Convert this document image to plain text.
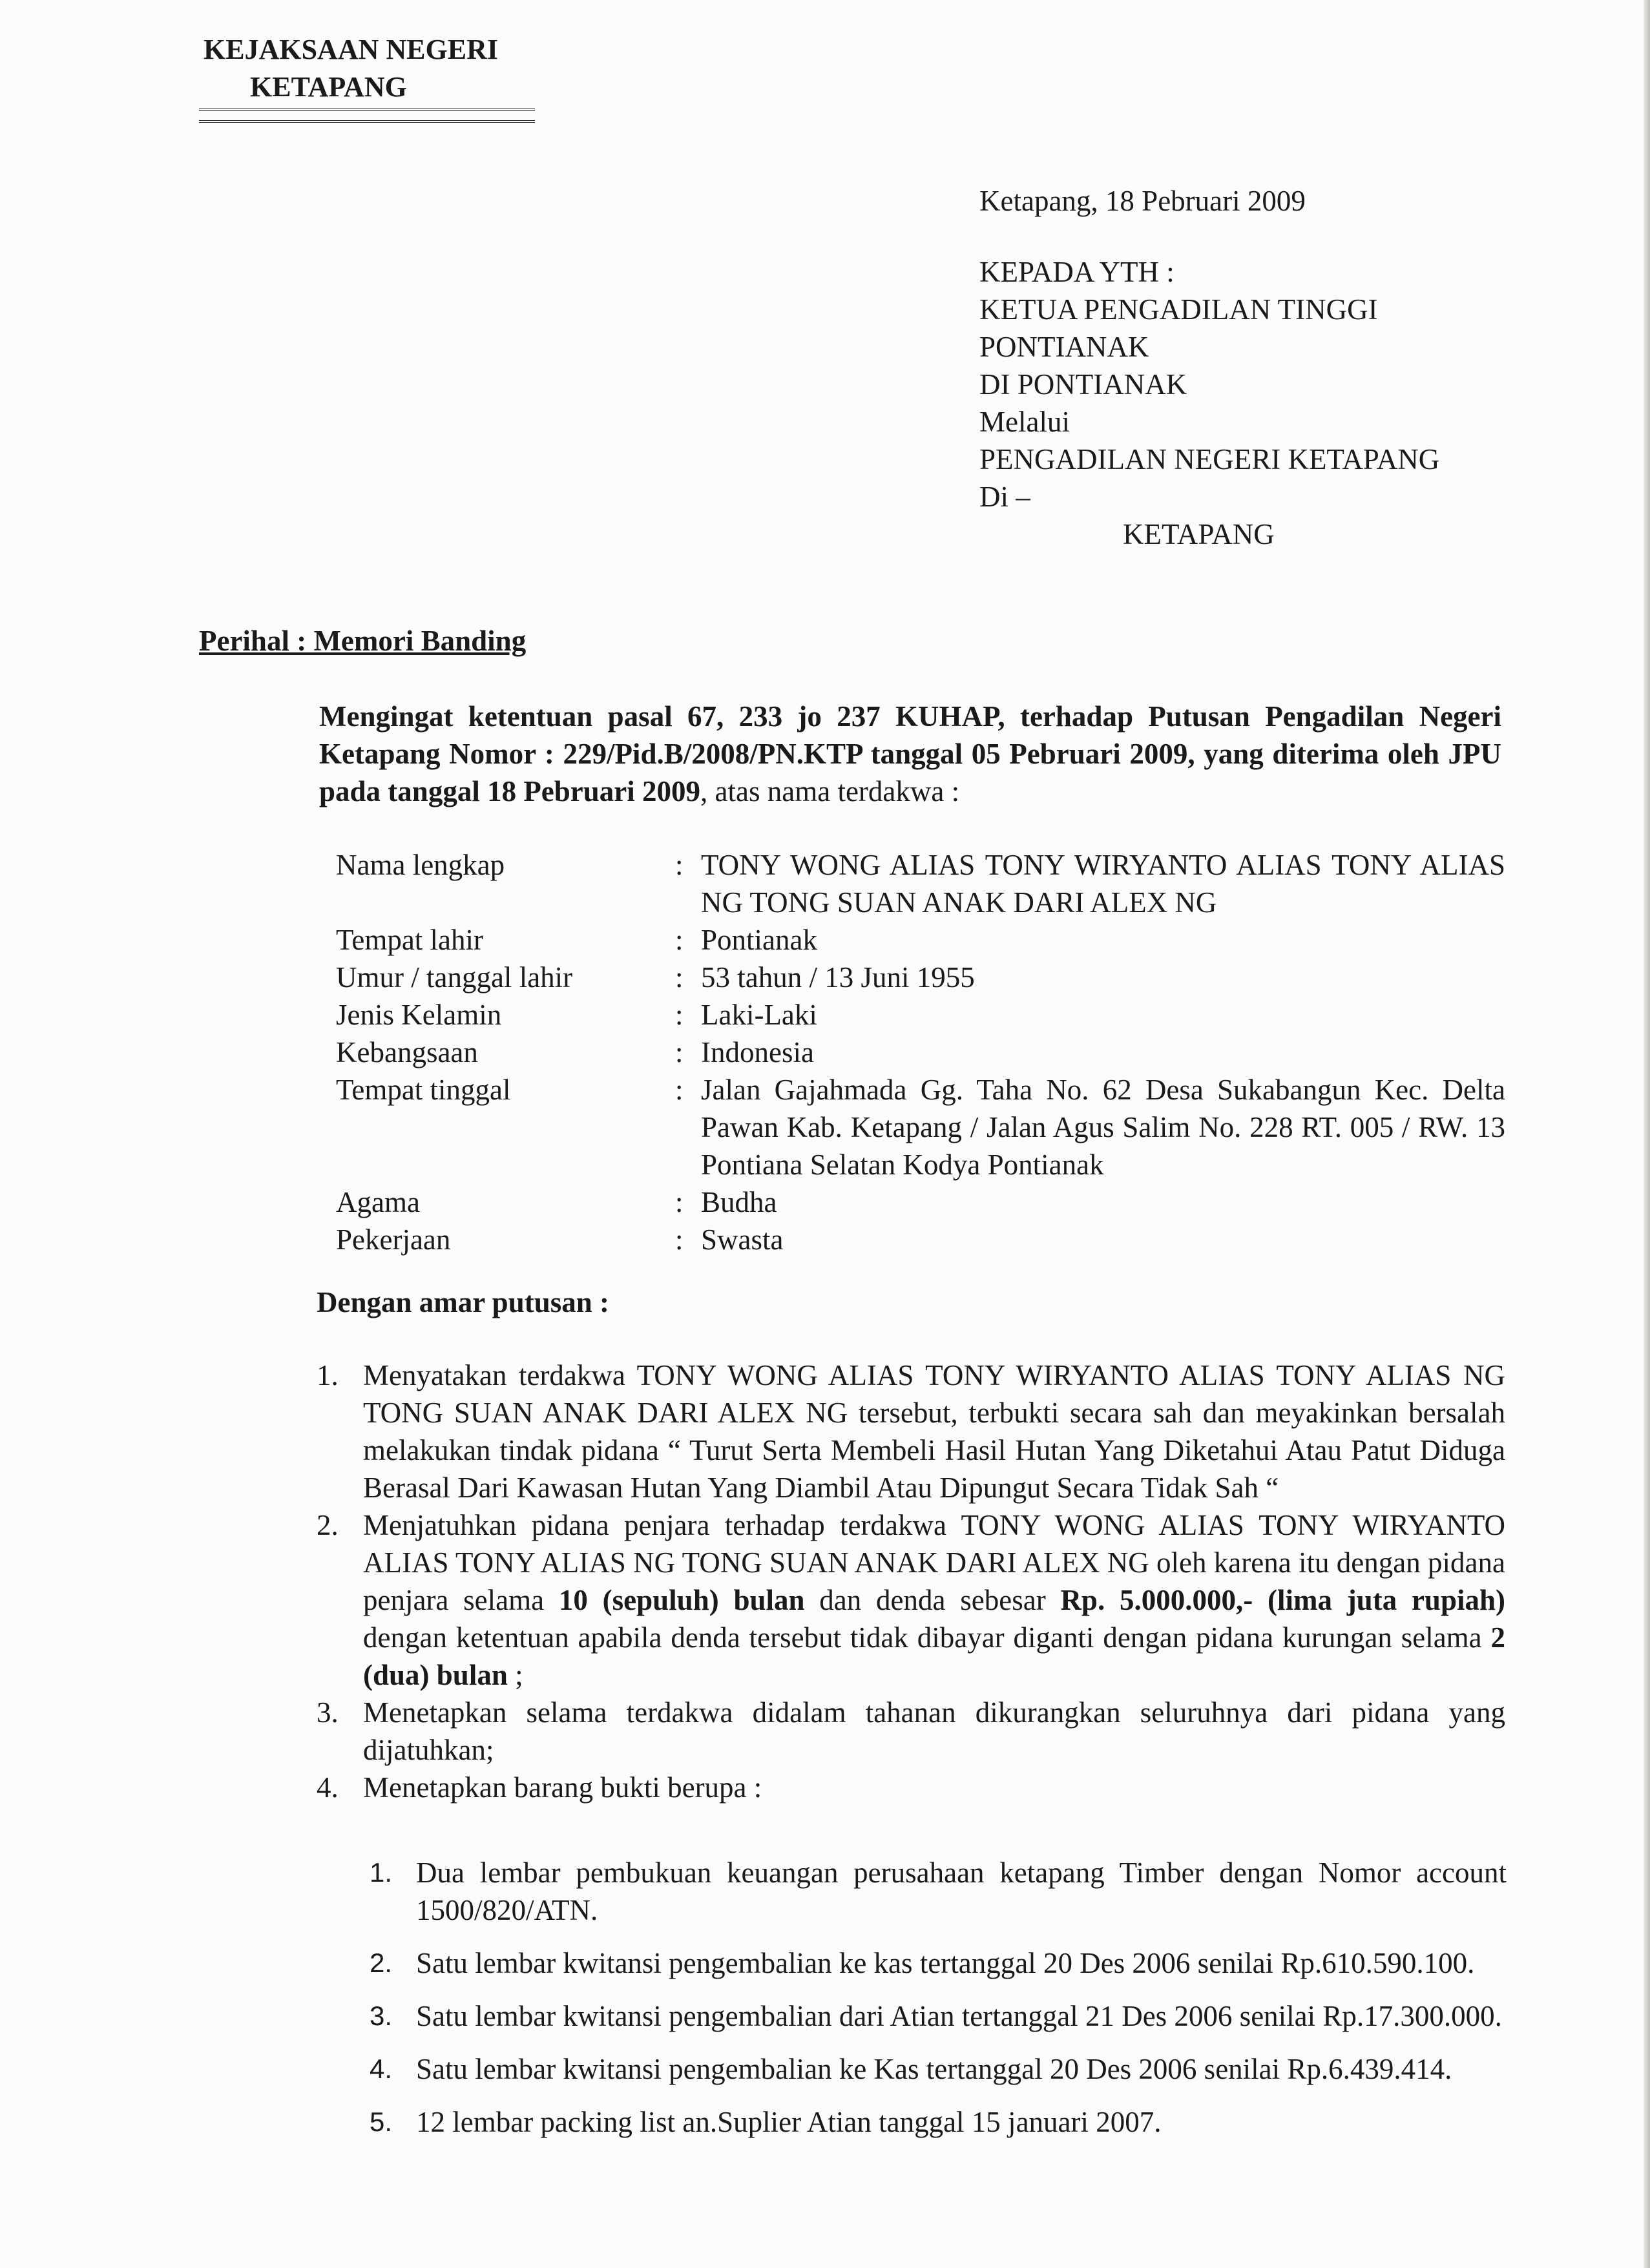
KEJAKSAAN NEGERI
KETAPANG
Ketapang, 18 Pebruari 2009
KEPADA YTH :
KETUA PENGADILAN TINGGI
PONTIANAK
DI PONTIANAK
Melalui
PENGADILAN NEGERI KETAPANG
Di –
KETAPANG
Perihal : Memori Banding
Mengingat ketentuan pasal 67, 233 jo 237 KUHAP, terhadap Putusan Pengadilan Negeri Ketapang Nomor : 229/Pid.B/2008/PN.KTP tanggal 05 Pebruari 2009, yang diterima oleh JPU pada tanggal 18 Pebruari 2009, atas nama terdakwa :
Nama lengkap	:	TONY WONG ALIAS TONY WIRYANTO ALIAS TONY ALIAS NG TONG SUAN ANAK DARI ALEX NG
Tempat lahir	:	Pontianak
Umur / tanggal lahir	:	53 tahun / 13 Juni 1955
Jenis Kelamin	:	Laki-Laki
Kebangsaan	:	Indonesia
Tempat tinggal	:	Jalan Gajahmada Gg. Taha No. 62 Desa Sukabangun Kec. Delta Pawan Kab. Ketapang / Jalan Agus Salim No. 228 RT. 005 / RW. 13 Pontiana Selatan Kodya Pontianak
Agama	:	Budha
Pekerjaan	:	Swasta
Dengan amar putusan :
1. Menyatakan terdakwa TONY WONG ALIAS TONY WIRYANTO ALIAS TONY ALIAS NG TONG SUAN ANAK DARI ALEX NG tersebut, terbukti secara sah dan meyakinkan bersalah melakukan tindak pidana “ Turut Serta Membeli Hasil Hutan Yang Diketahui Atau Patut Diduga Berasal Dari Kawasan Hutan Yang Diambil Atau Dipungut Secara Tidak Sah “
2. Menjatuhkan pidana penjara terhadap terdakwa TONY WONG ALIAS TONY WIRYANTO ALIAS TONY ALIAS NG TONG SUAN ANAK DARI ALEX NG oleh karena itu dengan pidana penjara selama 10 (sepuluh) bulan dan denda sebesar Rp. 5.000.000,- (lima juta rupiah) dengan ketentuan apabila denda tersebut tidak dibayar diganti dengan pidana kurungan selama 2 (dua) bulan ;
3. Menetapkan selama terdakwa didalam tahanan dikurangkan seluruhnya dari pidana yang dijatuhkan;
4. Menetapkan barang bukti berupa :
1. Dua lembar pembukuan keuangan perusahaan ketapang Timber dengan Nomor account 1500/820/ATN.
2. Satu lembar kwitansi pengembalian ke kas tertanggal 20 Des 2006 senilai Rp.610.590.100.
3. Satu lembar kwitansi pengembalian dari Atian tertanggal 21 Des 2006 senilai Rp.17.300.000.
4. Satu lembar kwitansi pengembalian ke Kas tertanggal 20 Des 2006 senilai Rp.6.439.414.
5. 12 lembar packing list an.Suplier Atian tanggal 15 januari 2007.
